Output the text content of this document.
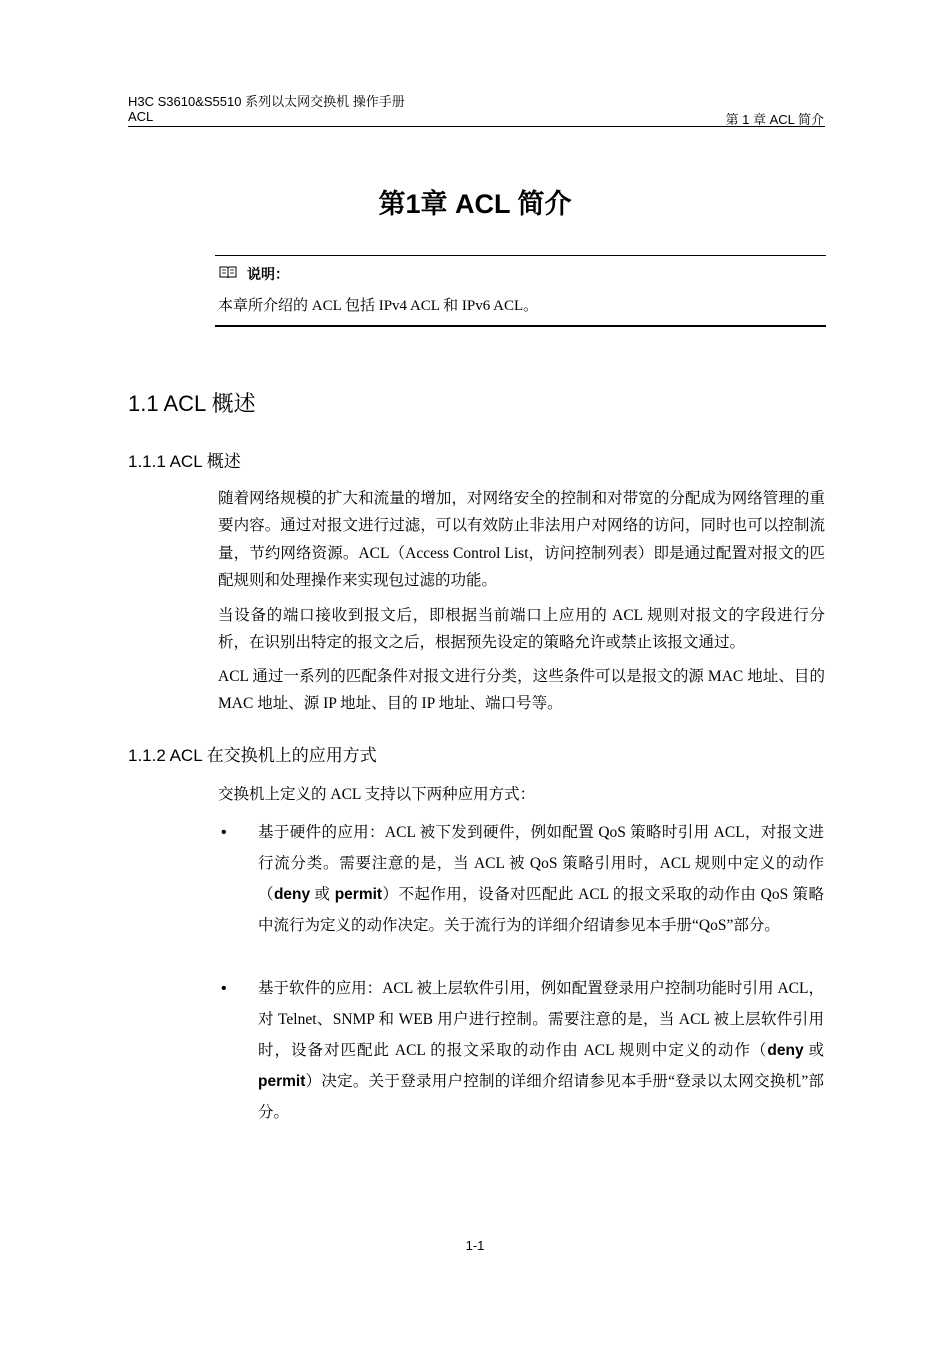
H3C S3610&S5510 系列以太网交换机 操作手册
ACL	第 1 章 ACL 简介
第1章 ACL 简介
说明：
本章所介绍的 ACL 包括 IPv4 ACL 和 IPv6 ACL。
1.1 ACL 概述
1.1.1 ACL 概述

随着网络规模的扩大和流量的增加，对网络安全的控制和对带宽的分配成为网络管理的重要内容。通过对报文进行过滤，可以有效防止非法用户对网络的访问，同时也可以控制流量，节约网络资源。ACL（Access Control List，访问控制列表）即是通过配置对报文的匹配规则和处理操作来实现包过滤的功能。

当设备的端口接收到报文后，即根据当前端口上应用的 ACL 规则对报文的字段进行分析，在识别出特定的报文之后，根据预先设定的策略允许或禁止该报文通过。

ACL 通过一系列的匹配条件对报文进行分类，这些条件可以是报文的源 MAC 地址、目的 MAC 地址、源 IP 地址、目的 IP 地址、端口号等。

1.1.2 ACL 在交换机上的应用方式

交换机上定义的 ACL 支持以下两种应用方式：

• 基于硬件的应用：ACL 被下发到硬件，例如配置 QoS 策略时引用 ACL，对报文进行流分类。需要注意的是，当 ACL 被 QoS 策略引用时，ACL 规则中定义的动作（deny 或 permit）不起作用，设备对匹配此 ACL 的报文采取的动作由 QoS 策略中流行为定义的动作决定。关于流行为的详细介绍请参见本手册“QoS”部分。

• 基于软件的应用：ACL 被上层软件引用，例如配置登录用户控制功能时引用 ACL，对 Telnet、SNMP 和 WEB 用户进行控制。需要注意的是，当 ACL 被上层软件引用时，设备对匹配此 ACL 的报文采取的动作由 ACL 规则中定义的动作（deny 或 permit）决定。关于登录用户控制的详细介绍请参见本手册“登录以太网交换机”部分。

1-1
